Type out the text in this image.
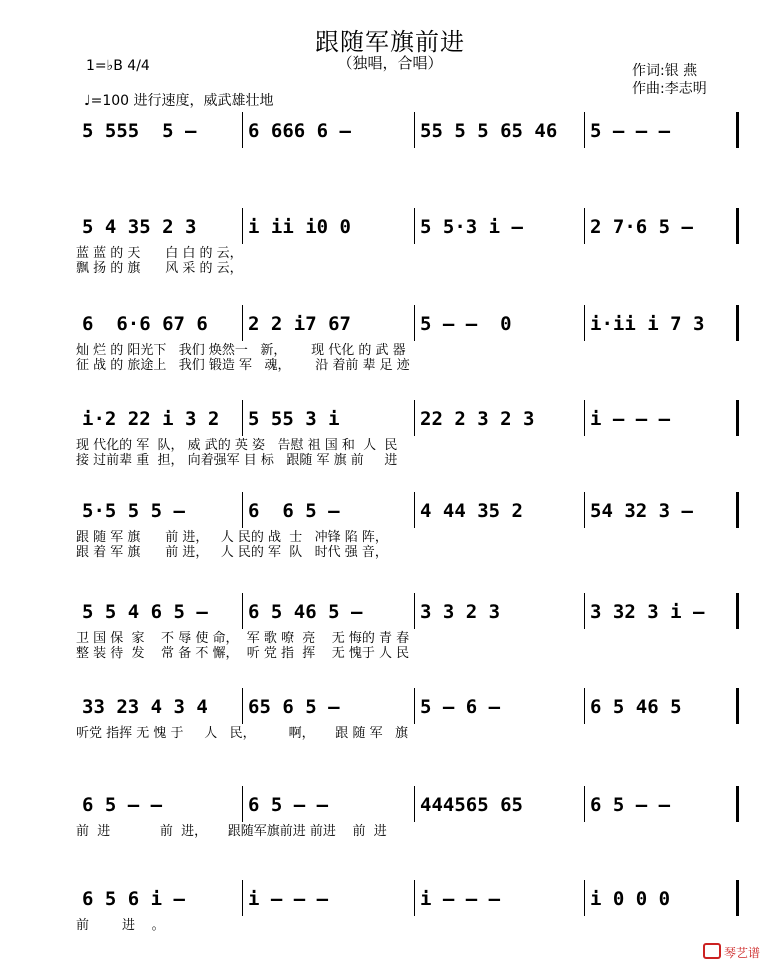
跟随军旗前进
（独唱，合唱）
1=♭B 4/4
♩=100 进行速度，威武雄壮地
作词:银 燕
作曲:李志明
5 555  5 –	6 666 6 –	55 5 5 65 46 5 – – –
5 4 35 2 3	i ii i0 0	5 5·3 i –	2 7·6 5 –
蓝 蓝 的 天      白 白 的 云，
飘 扬 的 旗      风 采 的 云，
6  6·6 67 6 2 2 i7 67	5 – –  0	i·ii i 7 3
灿 烂 的 阳光下   我们 焕然一   新，      现 代化 的 武 器
征 战 的 旅途上   我们 锻造 军   魂，      沿 着前 辈 足 迹
i·2 22 i 3 2 5 55 3 i	22 2 3 2 3	i – – –
现 代化的 军  队， 威 武的 英 姿   告慰 祖 国 和  人  民
接 过前辈 重  担， 向着强军 目 标   跟随 军 旗 前     进
5·5 5 5 –	6  6 5 –	4 44 35 2	54 32 3 –
跟 随 军 旗      前 进，   人 民的 战  士   冲锋 陷 阵，
跟 着 军 旗      前 进，   人 民的 军  队   时代 强 音，
5 5 4 6 5 – 6 5 46 5 –	3 3 2 3	3 32 3 i –
卫 国 保  家    不 辱 使 命，  军 歌 嘹  亮    无 悔的 青 春
整 装 待  发    常 备 不 懈，  听 党 指  挥    无 愧于 人 民
33 23 4 3 4 65 6 5 –	5 – 6 –	6 5 46 5
听党 指挥 无 愧 于     人   民，        啊，     跟 随 军   旗
6 5 – –	6 5 – –	444565 65	6 5 – –
前  进            前  进，     跟随军旗前进 前进    前  进
6 5 6 i –	i – – –	i – – –	i 0 0 0
前        进    。
琴艺谱
